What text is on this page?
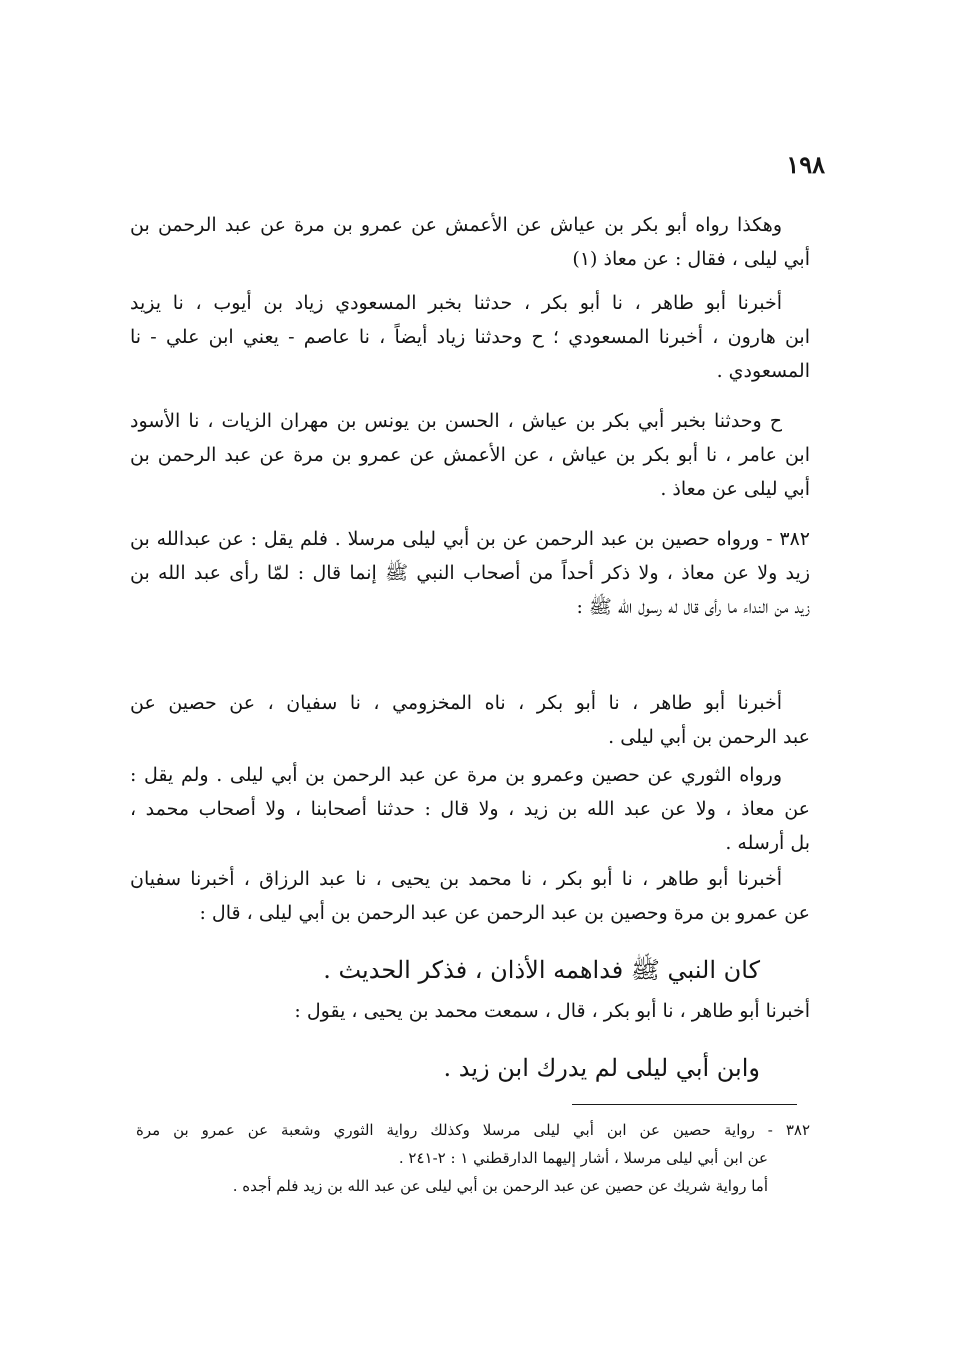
١٩٨
وهكذا رواه أبو بكر بن عياش عن الأعمش عن عمرو بن مرة عن عبد الرحمن بن
أبي ليلى ، فقال : عن معاذ (١)
أخبرنا أبو طاهر ، نا أبو بكر ، حدثنا بخبر المسعودي زياد بن أيوب ، نا يزيد
ابن هارون ، أخبرنا المسعودي ؛ ح وحدثنا زياد أيضاً ، نا عاصم - يعني ابن علي - نا
المسعودي .
ح وحدثنا بخبر أبي بكر بن عياش ، الحسن بن يونس بن مهران الزيات ، نا الأسود
ابن عامر ، نا أبو بكر بن عياش ، عن الأعمش عن عمرو بن مرة عن عبد الرحمن بن
أبي ليلى عن معاذ .
٣٨٢ - ورواه حصين بن عبد الرحمن عن بن أبي ليلى مرسلا . فلم يقل : عن عبدالله بن
زيد ولا عن معاذ ، ولا ذكر أحداً من أصحاب النبي ﷺ إنما قال : لمّا رأى عبد الله بن
زيد من النداء ما رأى قال له رسول الله ﷺ :
أخبرنا أبو طاهر ، نا أبو بكر ، ناه المخزومي ، نا سفيان ، عن حصين عن
عبد الرحمن بن أبي ليلى .
ورواه الثوري عن حصين وعمرو بن مرة عن عبد الرحمن بن أبي ليلى . ولم يقل :
عن معاذ ، ولا عن عبد الله بن زيد ، ولا قال : حدثنا أصحابنا ، ولا أصحاب محمد ،
بل أرسله .
أخبرنا أبو طاهر ، نا أبو بكر ، نا محمد بن يحيى ، نا عبد الرزاق ، أخبرنا سفيان
عن عمرو بن مرة وحصين بن عبد الرحمن عن عبد الرحمن بن أبي ليلى ، قال :
كان النبي ﷺ فداهمه الأذان ، فذكر الحديث .
أخبرنا أبو طاهر ، نا أبو بكر ، قال ، سمعت محمد بن يحيى ، يقول :
وابن أبي ليلى لم يدرك ابن زيد .
٣٨٢ - رواية حصين عن ابن أبي ليلى مرسلا وكذلك رواية الثوري وشعبة عن عمرو بن مرة
عن ابن أبي ليلى مرسلا ، أشار إليهما الدارقطني ١ : ٢-٢٤١ .
أما رواية شريك عن حصين عن عبد الرحمن بن أبي ليلى عن عبد الله بن زيد فلم أجده .
